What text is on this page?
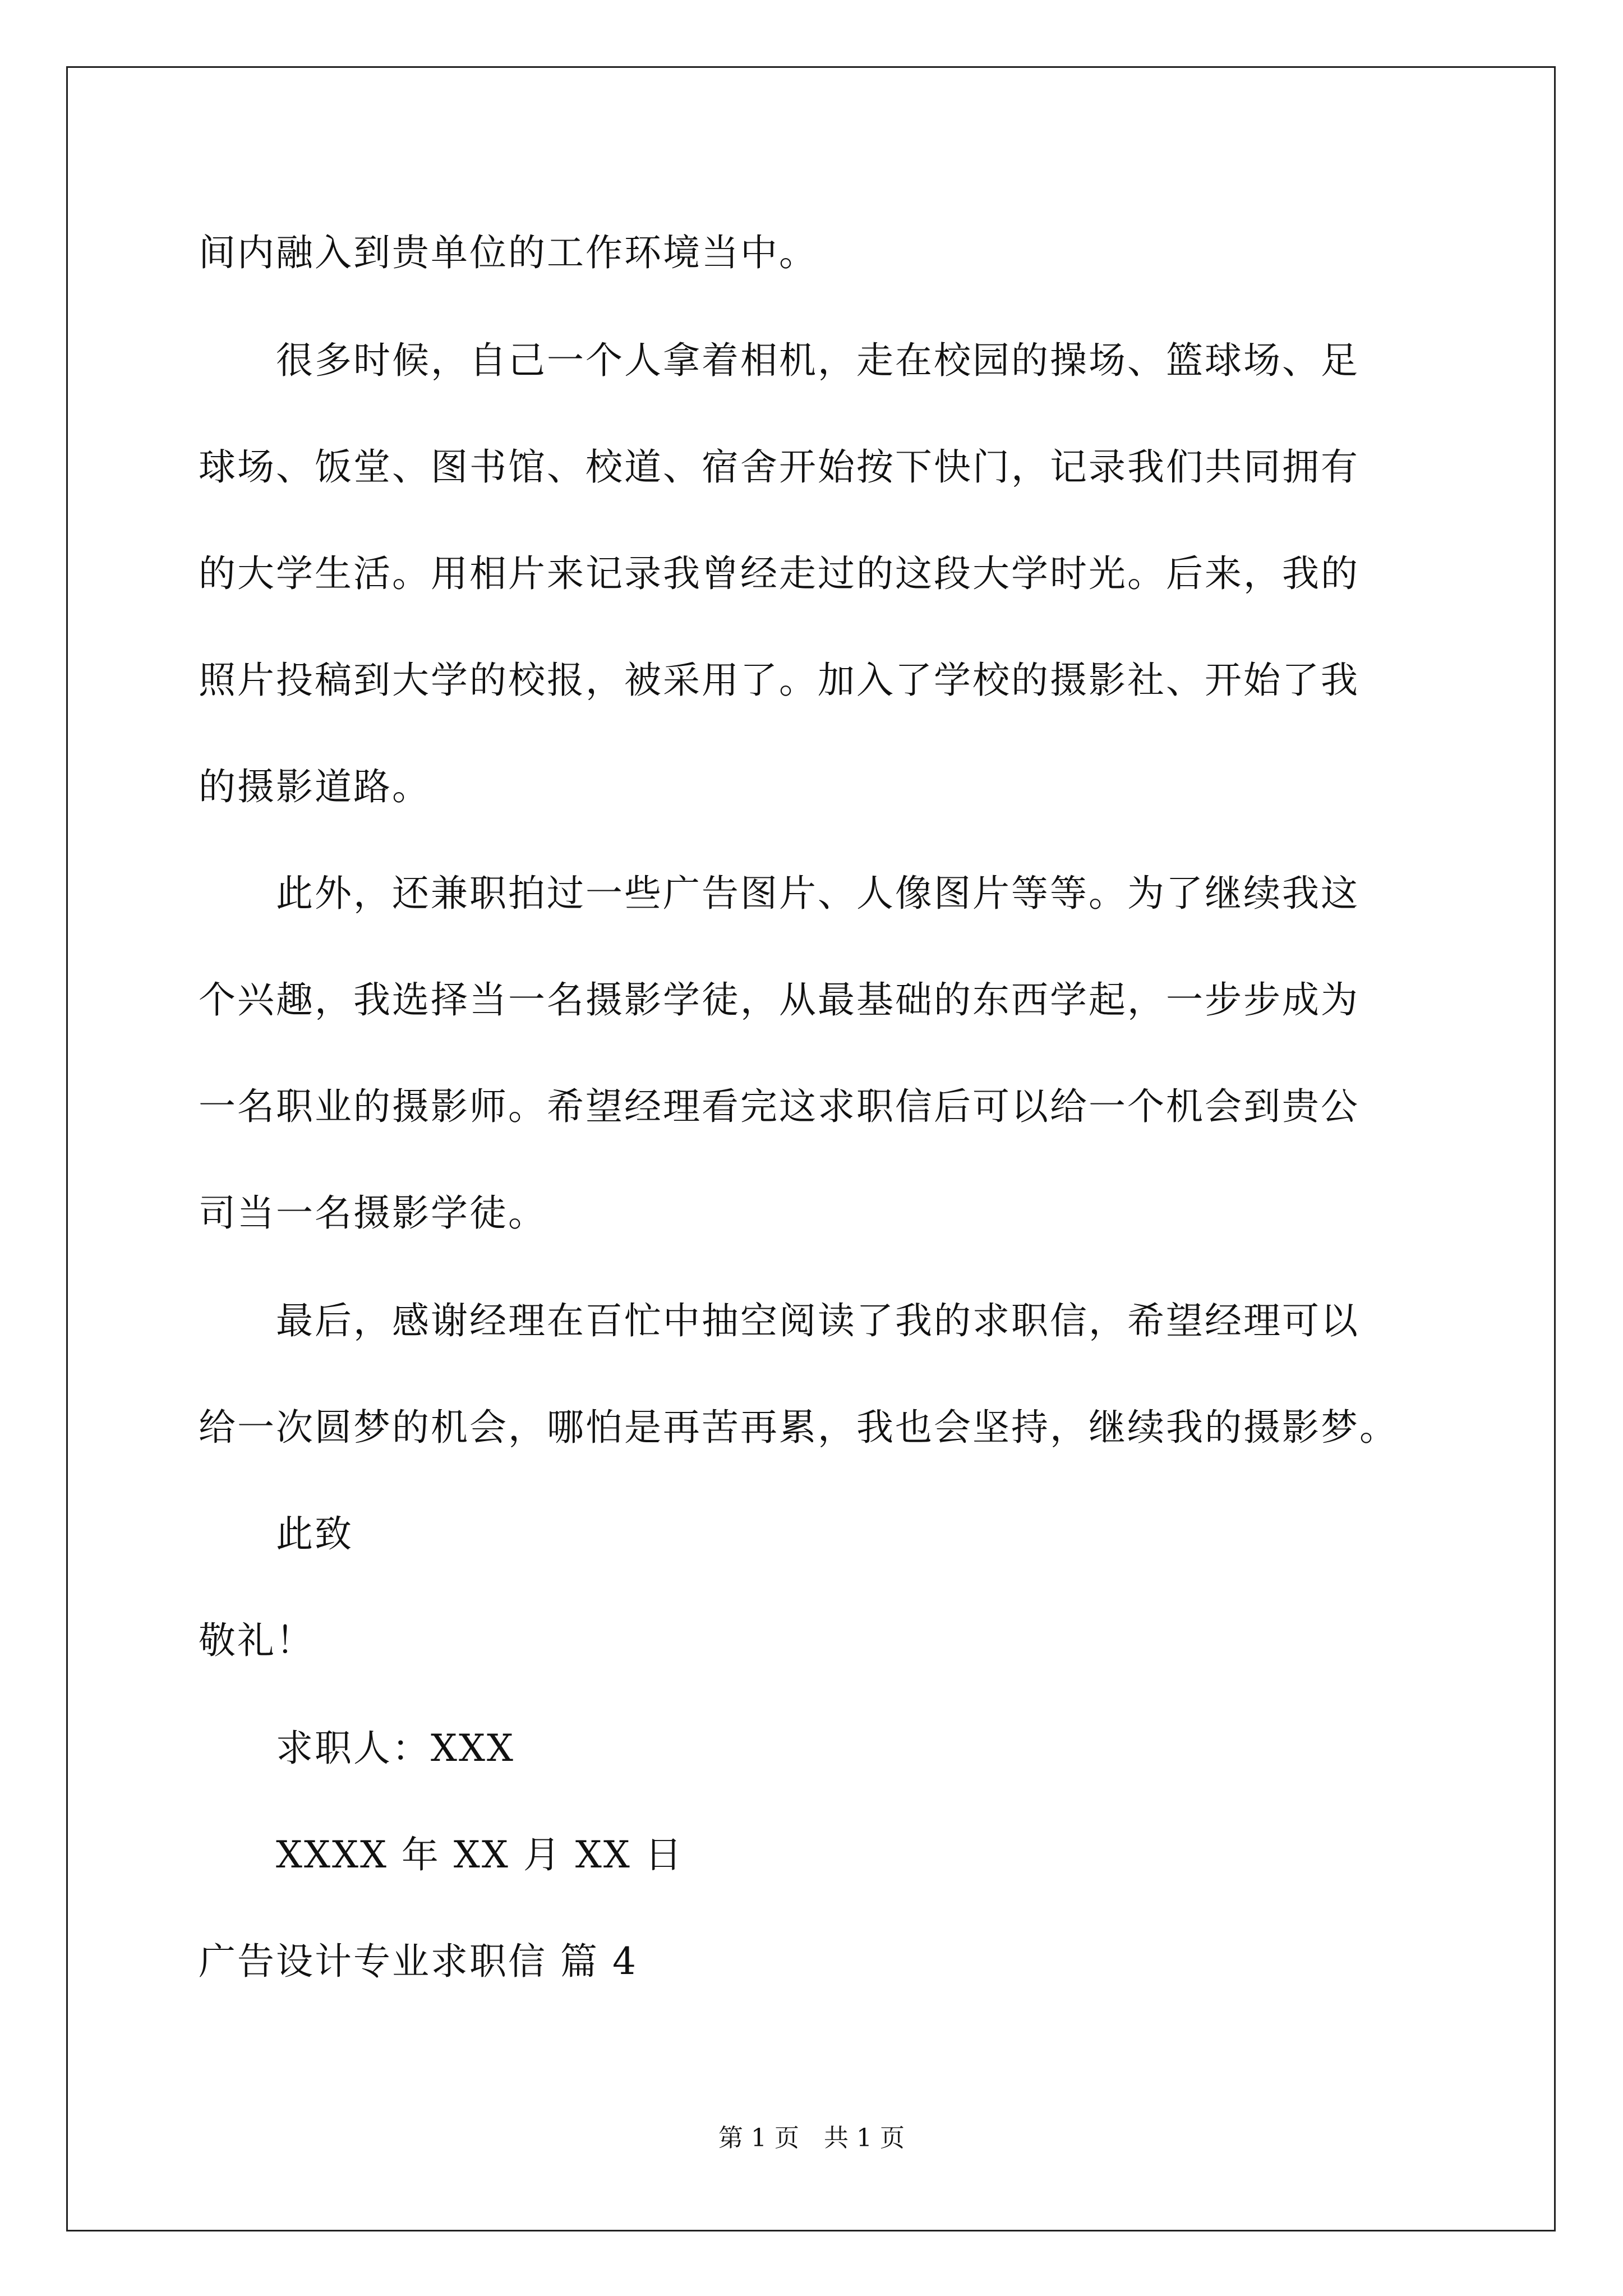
间内融入到贵单位的工作环境当中。
　　很多时候，自己一个人拿着相机，走在校园的操场、篮球场、足
球场、饭堂、图书馆、校道、宿舍开始按下快门，记录我们共同拥有
的大学生活。用相片来记录我曾经走过的这段大学时光。后来，我的
照片投稿到大学的校报，被采用了。加入了学校的摄影社、开始了我
的摄影道路。
　　此外，还兼职拍过一些广告图片、人像图片等等。为了继续我这
个兴趣，我选择当一名摄影学徒，从最基础的东西学起，一步步成为
一名职业的摄影师。希望经理看完这求职信后可以给一个机会到贵公
司当一名摄影学徒。
　　最后，感谢经理在百忙中抽空阅读了我的求职信，希望经理可以
给一次圆梦的机会，哪怕是再苦再累，我也会坚持，继续我的摄影梦。
　　此致
敬礼！
　　求职人：XXX
　　XXXX 年 XX 月 XX 日
广告设计专业求职信 篇 4
第 1 页　共 1 页
